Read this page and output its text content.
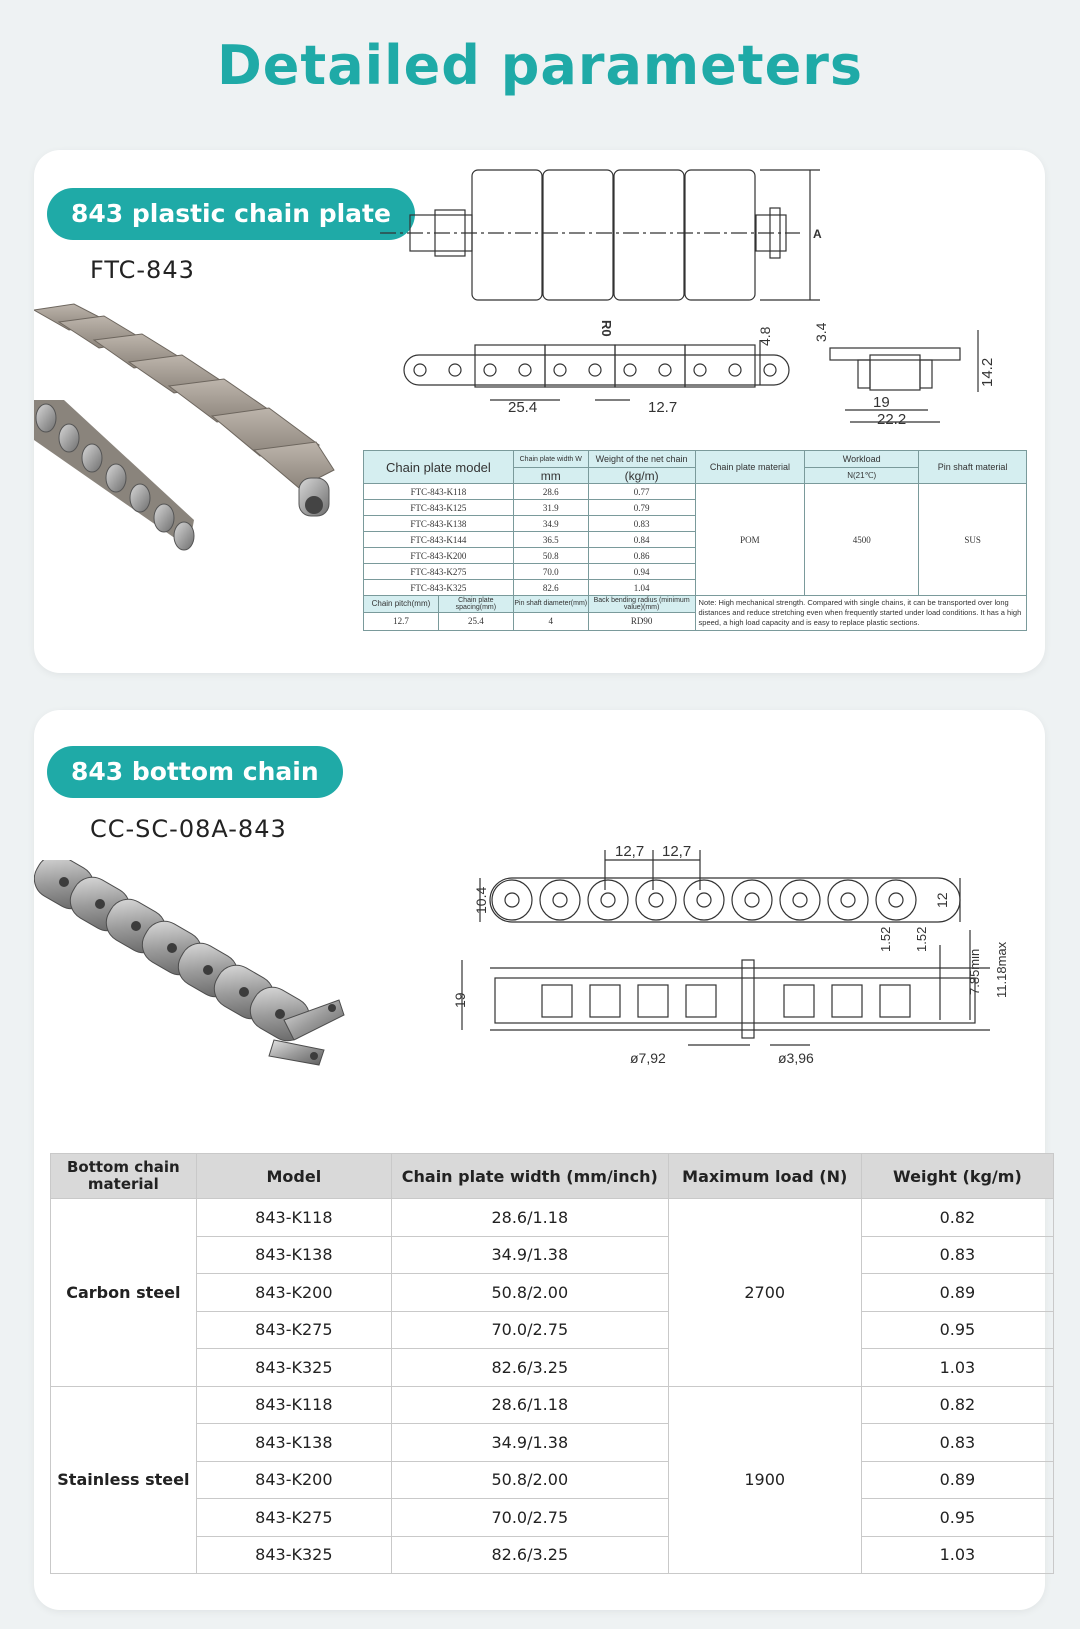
Detailed parameters
843 plastic chain plate
FTC-843
A
25.4	12.7
R0	4.8	3.4
19
22.2
14.2
Chain plate model		Chain plate width W	Weight of the net chain	Chain plate material	Workload	Pin shaft material
		mm	(kg/m)		N(21℃)	
FTC-843-K118		28.6	0.77	POM	4500	SUS
FTC-843-K125		31.9	0.79			
FTC-843-K138		34.9	0.83			
FTC-843-K144		36.5	0.84			
FTC-843-K200		50.8	0.86			
FTC-843-K275		70.0	0.94			
FTC-843-K325		82.6	1.04			
Chain pitch(mm)	Chain plate spacing(mm)	Pin shaft diameter(mm)	Back bending radius (minimum value)(mm)	Note: High mechanical strength. Compared with single chains, it can be transported over long distances and reduce stretching even when frequently started under load conditions. It has a high speed, a high load capacity and is easy to replace plastic sections.		
12.7	25.4	4	RD90			
843 bottom chain
CC-SC-08A-843
12,7 12,7
10.4	12
19
ø7,92	ø3,96
1.52 1.52
7.85min 11.18max
Bottom chain material	Model	Chain plate width (mm/inch)	Maximum load (N)	Weight (kg/m)
Carbon steel	843-K118	28.6/1.18	2700	0.82
	843-K138	34.9/1.38		0.83
	843-K200	50.8/2.00		0.89
	843-K275	70.0/2.75		0.95
	843-K325	82.6/3.25		1.03
Stainless steel	843-K118	28.6/1.18	1900	0.82
	843-K138	34.9/1.38		0.83
	843-K200	50.8/2.00		0.89
	843-K275	70.0/2.75		0.95
	843-K325	82.6/3.25		1.03
